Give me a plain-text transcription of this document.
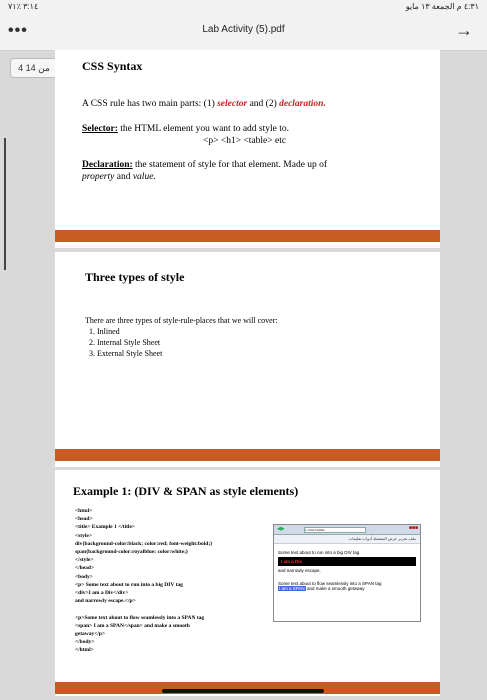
٣:١٤ ٪٧١	٤:٣١ م الجمعة ١٣ مايو
•••	Lab Activity (5).pdf	→
4 من 14	CSS Syntax
A CSS rule has two main parts: (1) selector and (2) declaration.
Selector: the HTML element you want to add style to.
<p> <h1> <table> etc
Declaration: the statement of style for that element. Made up of
property and value.
Three types of style
There are three types of style-rule-places that we will cover:
1. Inlined
2. Internal Style Sheet
3. External Style Sheet
Example 1: (DIV & SPAN as style elements)
<html>
<head>
<title> Example 1 </title>
<style>
div{background-color:black; color:red; font-weight:bold;}
span{background-color:royalblue; color:white;}
</style>
</head>
<body>
<p> Some text about to run into a big DIV tag
<div>I am a Div</div>
and narrowly escape.</p>

<p>Some text about to flow seamlessly into a SPAN tag
<span> I am a SPAN</span> and make a smooth
getaway</p>
</body>
</html>
◀▶	C:\Users\Admin	■■■
ملف تحرير عرض المفضلة أدوات تعليمات
Some text about to run into a big DIV tag
I am a Div
and narrowly escape.
Some text about to flow seamlessly into a SPAN tag
I am a SPAN and make a smooth getaway
